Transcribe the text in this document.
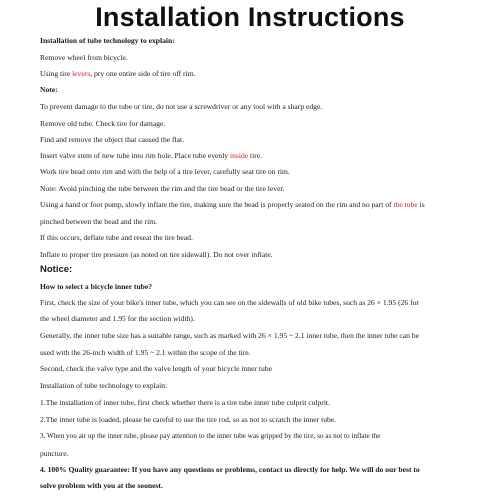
Installation Instructions
Installation of tube technology to explain:
Remove wheel from bicycle.
Using tire levers, pry one entire side of tire off rim.
Note:
To prevent damage to the tube or tire, do not use a screwdriver or any tool with a sharp edge.
Remove old tube. Check tire for damage.
Find and remove the object that caused the flat.
Insert valve stem of new tube into rim hole. Place tube evenly inside tire.
Work tire bead onto rim and with the help of a tire lever, carefully seat tire on rim.
Note: Avoid pinching the tube between the rim and the tire bead or the tire lever.
Using a hand or foot pump, slowly inflate the tire, making sure the bead is properly seated on the rim and no part of the tube is
pinched between the bead and the rim.
If this occurs, deflate tube and reseat the tire bead.
Inflate to proper tire pressure (as noted on tire sidewall). Do not over inflate.
Notice:
How to select a bicycle inner tube?
First, check the size of your bike's inner tube, which you can see on the sidewalls of old bike tubes, such as 26 × 1.95 (26 for
the wheel diameter and 1.95 for the section width).
Generally, the inner tube size has a suitable range, such as marked with 26 × 1.95 ~ 2.1 inner tube, then the inner tube can be
used with the 26-inch width of 1.95 ~ 2.1 within the scope of the tire.
Second, check the valve type and the valve length of your bicycle inner tube
Installation of tube technology to explain:
1.The installation of inner tube, first check whether there is a tire tube inner tube culprit culprit.
2.The inner tube is loaded, please be careful to use the tire rod, so as not to scratch the inner tube.
3. When you air up the inner tube, please pay attention to the inner tube was gripped by the tire, so as not to inflate the
puncture.
4. 100% Quality guarantee: If you have any questions or problems, contact us directly for help. We will do our best to
solve problem with you at the soonest.
